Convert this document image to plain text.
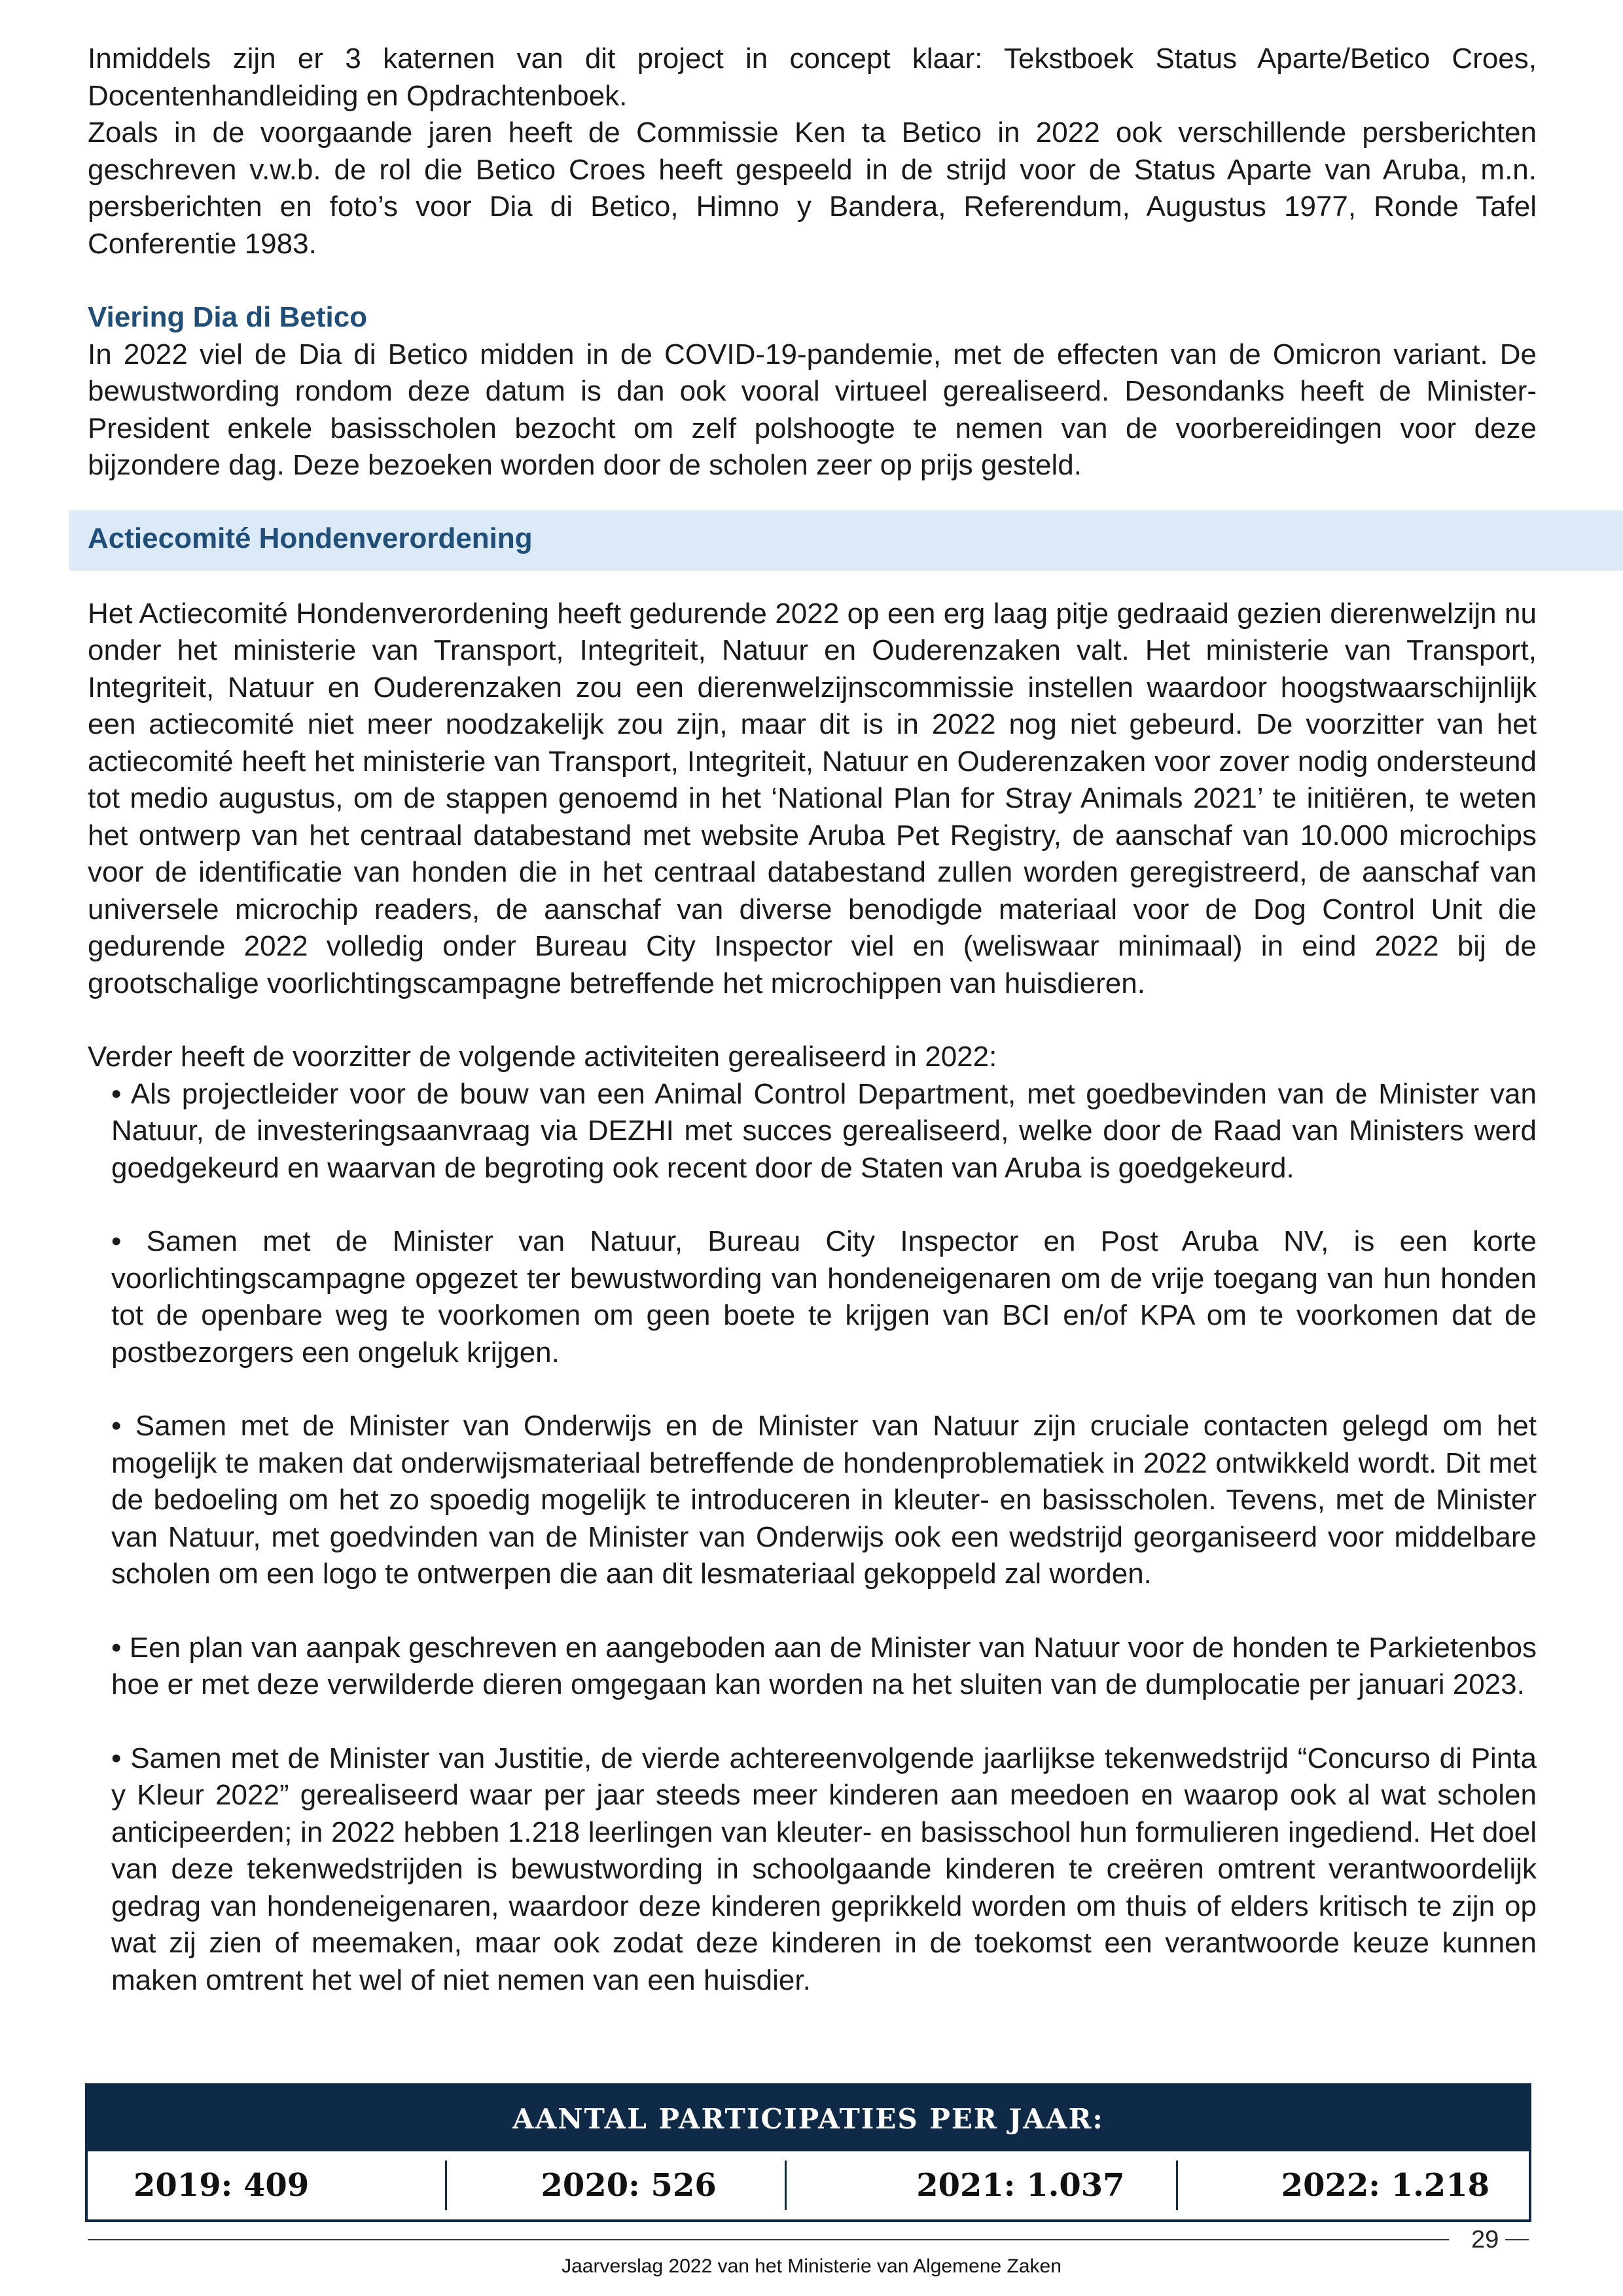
Actiecomité Hondenverordening

Inmiddels zijn er 3 katernen van dit project in concept klaar: Tekstboek Status Aparte/Betico Croes, Docentenhandleiding en Opdrachtenboek.

Zoals in de voorgaande jaren heeft de Commissie Ken ta Betico in 2022 ook verschillende persberichten geschreven v.w.b. de rol die Betico Croes heeft gespeeld in de strijd voor de Status Aparte van Aruba, m.n. persberichten en foto’s voor Dia di Betico, Himno y Bandera, Referendum, Augustus 1977, Ronde Tafel Conferentie 1983.

Viering Dia di Betico

In 2022 viel de Dia di Betico midden in de COVID-19-pandemie, met de effecten van de Omicron variant. De bewustwording rondom deze datum is dan ook vooral virtueel gerealiseerd. Desondanks heeft de Minister-President enkele basisscholen bezocht om zelf polshoogte te nemen van de voorbereidingen voor deze bijzondere dag. Deze bezoeken worden door de scholen zeer op prijs gesteld.

Het Actiecomité Hondenverordening heeft gedurende 2022 op een erg laag pitje gedraaid gezien dierenwelzijn nu onder het ministerie van Transport, Integriteit, Natuur en Ouderenzaken valt. Het ministerie van Transport, Integriteit, Natuur en Ouderenzaken zou een dierenwelzijnscommissie instellen waardoor hoogstwaarschijnlijk een actiecomité niet meer noodzakelijk zou zijn, maar dit is in 2022 nog niet gebeurd. De voorzitter van het actiecomité heeft het ministerie van Transport, Integriteit, Natuur en Ouderenzaken voor zover nodig ondersteund tot medio augustus, om de stappen genoemd in het ‘National Plan for Stray Animals 2021’ te initiëren, te weten het ontwerp van het centraal databestand met website Aruba Pet Registry, de aanschaf van 10.000 microchips voor de identificatie van honden die in het centraal databestand zullen worden geregistreerd, de aanschaf van universele microchip readers, de aanschaf van diverse benodigde materiaal voor de Dog Control Unit die gedurende 2022 volledig onder Bureau City Inspector viel en (weliswaar minimaal) in eind 2022 bij de grootschalige voorlichtingscampagne betreffende het microchippen van huisdieren.

Verder heeft de voorzitter de volgende activiteiten gerealiseerd in 2022:

• Als projectleider voor de bouw van een Animal Control Department, met goedbevinden van de Minister van Natuur, de investeringsaanvraag via DEZHI met succes gerealiseerd, welke door de Raad van Ministers werd goedgekeurd en waarvan de begroting ook recent door de Staten van Aruba is goedgekeurd.

• Samen met de Minister van Natuur, Bureau City Inspector en Post Aruba NV, is een korte voorlichtingscampagne opgezet ter bewustwording van hondeneigenaren om de vrije toegang van hun honden tot de openbare weg te voorkomen om geen boete te krijgen van BCI en/of KPA om te voorkomen dat de postbezorgers een ongeluk krijgen.

• Samen met de Minister van Onderwijs en de Minister van Natuur zijn cruciale contacten gelegd om het mogelijk te maken dat onderwijsmateriaal betreffende de hondenproblematiek in 2022 ontwikkeld wordt. Dit met de bedoeling om het zo spoedig mogelijk te introduceren in kleuter- en basisscholen. Tevens, met de Minister van Natuur, met goedvinden van de Minister van Onderwijs ook een wedstrijd georganiseerd voor middelbare scholen om een logo te ontwerpen die aan dit lesmateriaal gekoppeld zal worden.

• Een plan van aanpak geschreven en aangeboden aan de Minister van Natuur voor de honden te Parkietenbos hoe er met deze verwilderde dieren omgegaan kan worden na het sluiten van de dumplocatie per januari 2023.

• Samen met de Minister van Justitie, de vierde achtereenvolgende jaarlijkse tekenwedstrijd “Concurso di Pinta y Kleur 2022” gerealiseerd waar per jaar steeds meer kinderen aan meedoen en waarop ook al wat scholen anticipeerden; in 2022 hebben 1.218 leerlingen van kleuter- en basisschool hun formulieren ingediend. Het doel van deze tekenwedstrijden is bewustwording in schoolgaande kinderen te creëren omtrent verantwoordelijk gedrag van hondeneigenaren, waardoor deze kinderen geprikkeld worden om thuis of elders kritisch te zijn op wat zij zien of meemaken, maar ook zodat deze kinderen in de toekomst een verantwoorde keuze kunnen maken omtrent het wel of niet nemen van een huisdier.

AANTAL PARTICIPATIES PER JAAR:
2019: 409	2020: 526	2021: 1.037	2022: 1.218
29
Jaarverslag 2022 van het Ministerie van Algemene Zaken
